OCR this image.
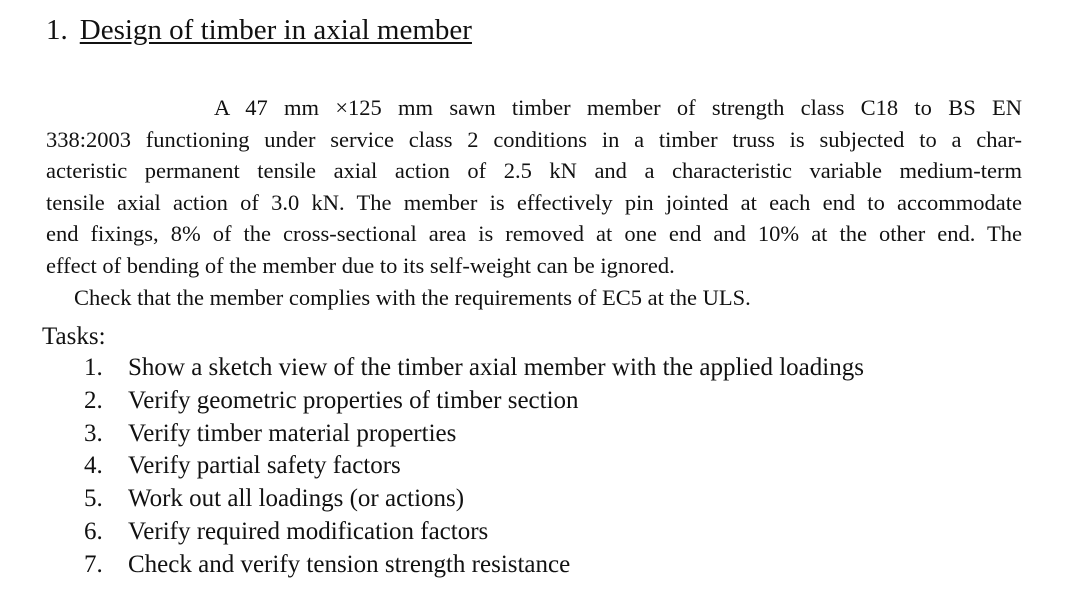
1. Design of timber in axial member
A 47 mm ×125 mm sawn timber member of strength class C18 to BS EN
338:2003 functioning under service class 2 conditions in a timber truss is subjected to a char-
acteristic permanent tensile axial action of 2.5 kN and a characteristic variable medium-term
tensile axial action of 3.0 kN. The member is effectively pin jointed at each end to accommodate
end fixings, 8% of the cross-sectional area is removed at one end and 10% at the other end. The
effect of bending of the member due to its self-weight can be ignored.
Check that the member complies with the requirements of EC5 at the ULS.
Tasks:
1.	Show a sketch view of the timber axial member with the applied loadings
2.	Verify geometric properties of timber section
3.	Verify timber material properties
4.	Verify partial safety factors
5.	Work out all loadings (or actions)
6.	Verify required modification factors
7.	Check and verify tension strength resistance
